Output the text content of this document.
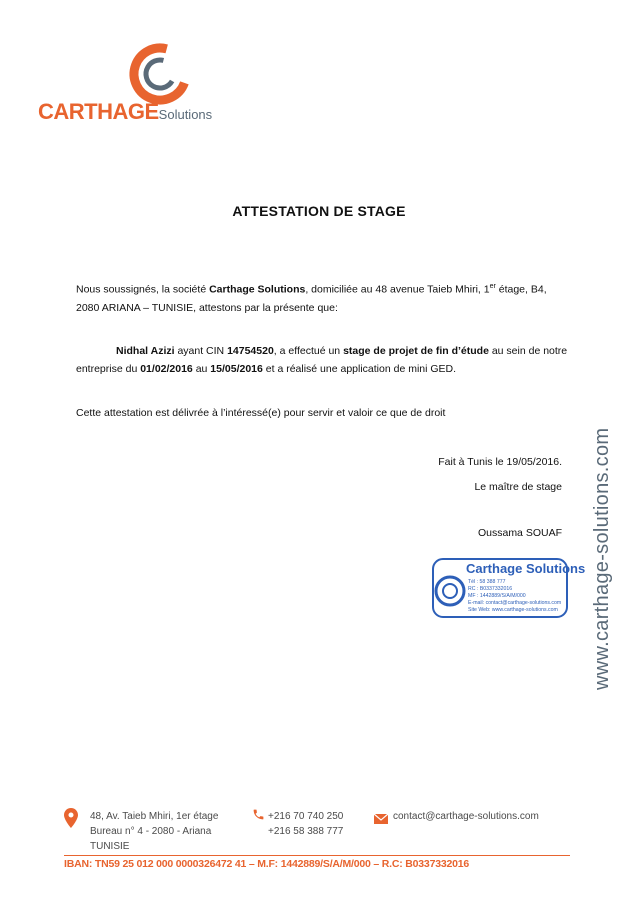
CARTHAGESolutions
ATTESTATION DE STAGE
Nous soussignés, la société Carthage Solutions, domiciliée au 48 avenue Taieb Mhiri, 1er étage, B4, 2080 ARIANA – TUNISIE, attestons par la présente que:
Nidhal Azizi ayant CIN 14754520, a effectué un stage de projet de fin d’étude au sein de notre entreprise du 01/02/2016 au 15/05/2016 et a réalisé une application de mini GED.
Cette attestation est délivrée à l’intéressé(e) pour servir et valoir ce que de droit
Fait à Tunis le 19/05/2016.
Le maître de stage
Oussama SOUAF
Carthage Solutions
Tél : 58 388 777
RC : B0337332016
MF : 1442889/S/A/M/000
E-mail: contact@carthage-solutions.com
Site Web: www.carthage-solutions.com	www.carthage-solutions.com
48, Av. Taieb Mhiri, 1er étage
Bureau n° 4 - 2080 - Ariana
TUNISIE
+216 70 740 250
+216 58 388 777
contact@carthage-solutions.com
IBAN: TN59 25 012 000 0000326472 41 – M.F: 1442889/S/A/M/000 – R.C: B0337332016
